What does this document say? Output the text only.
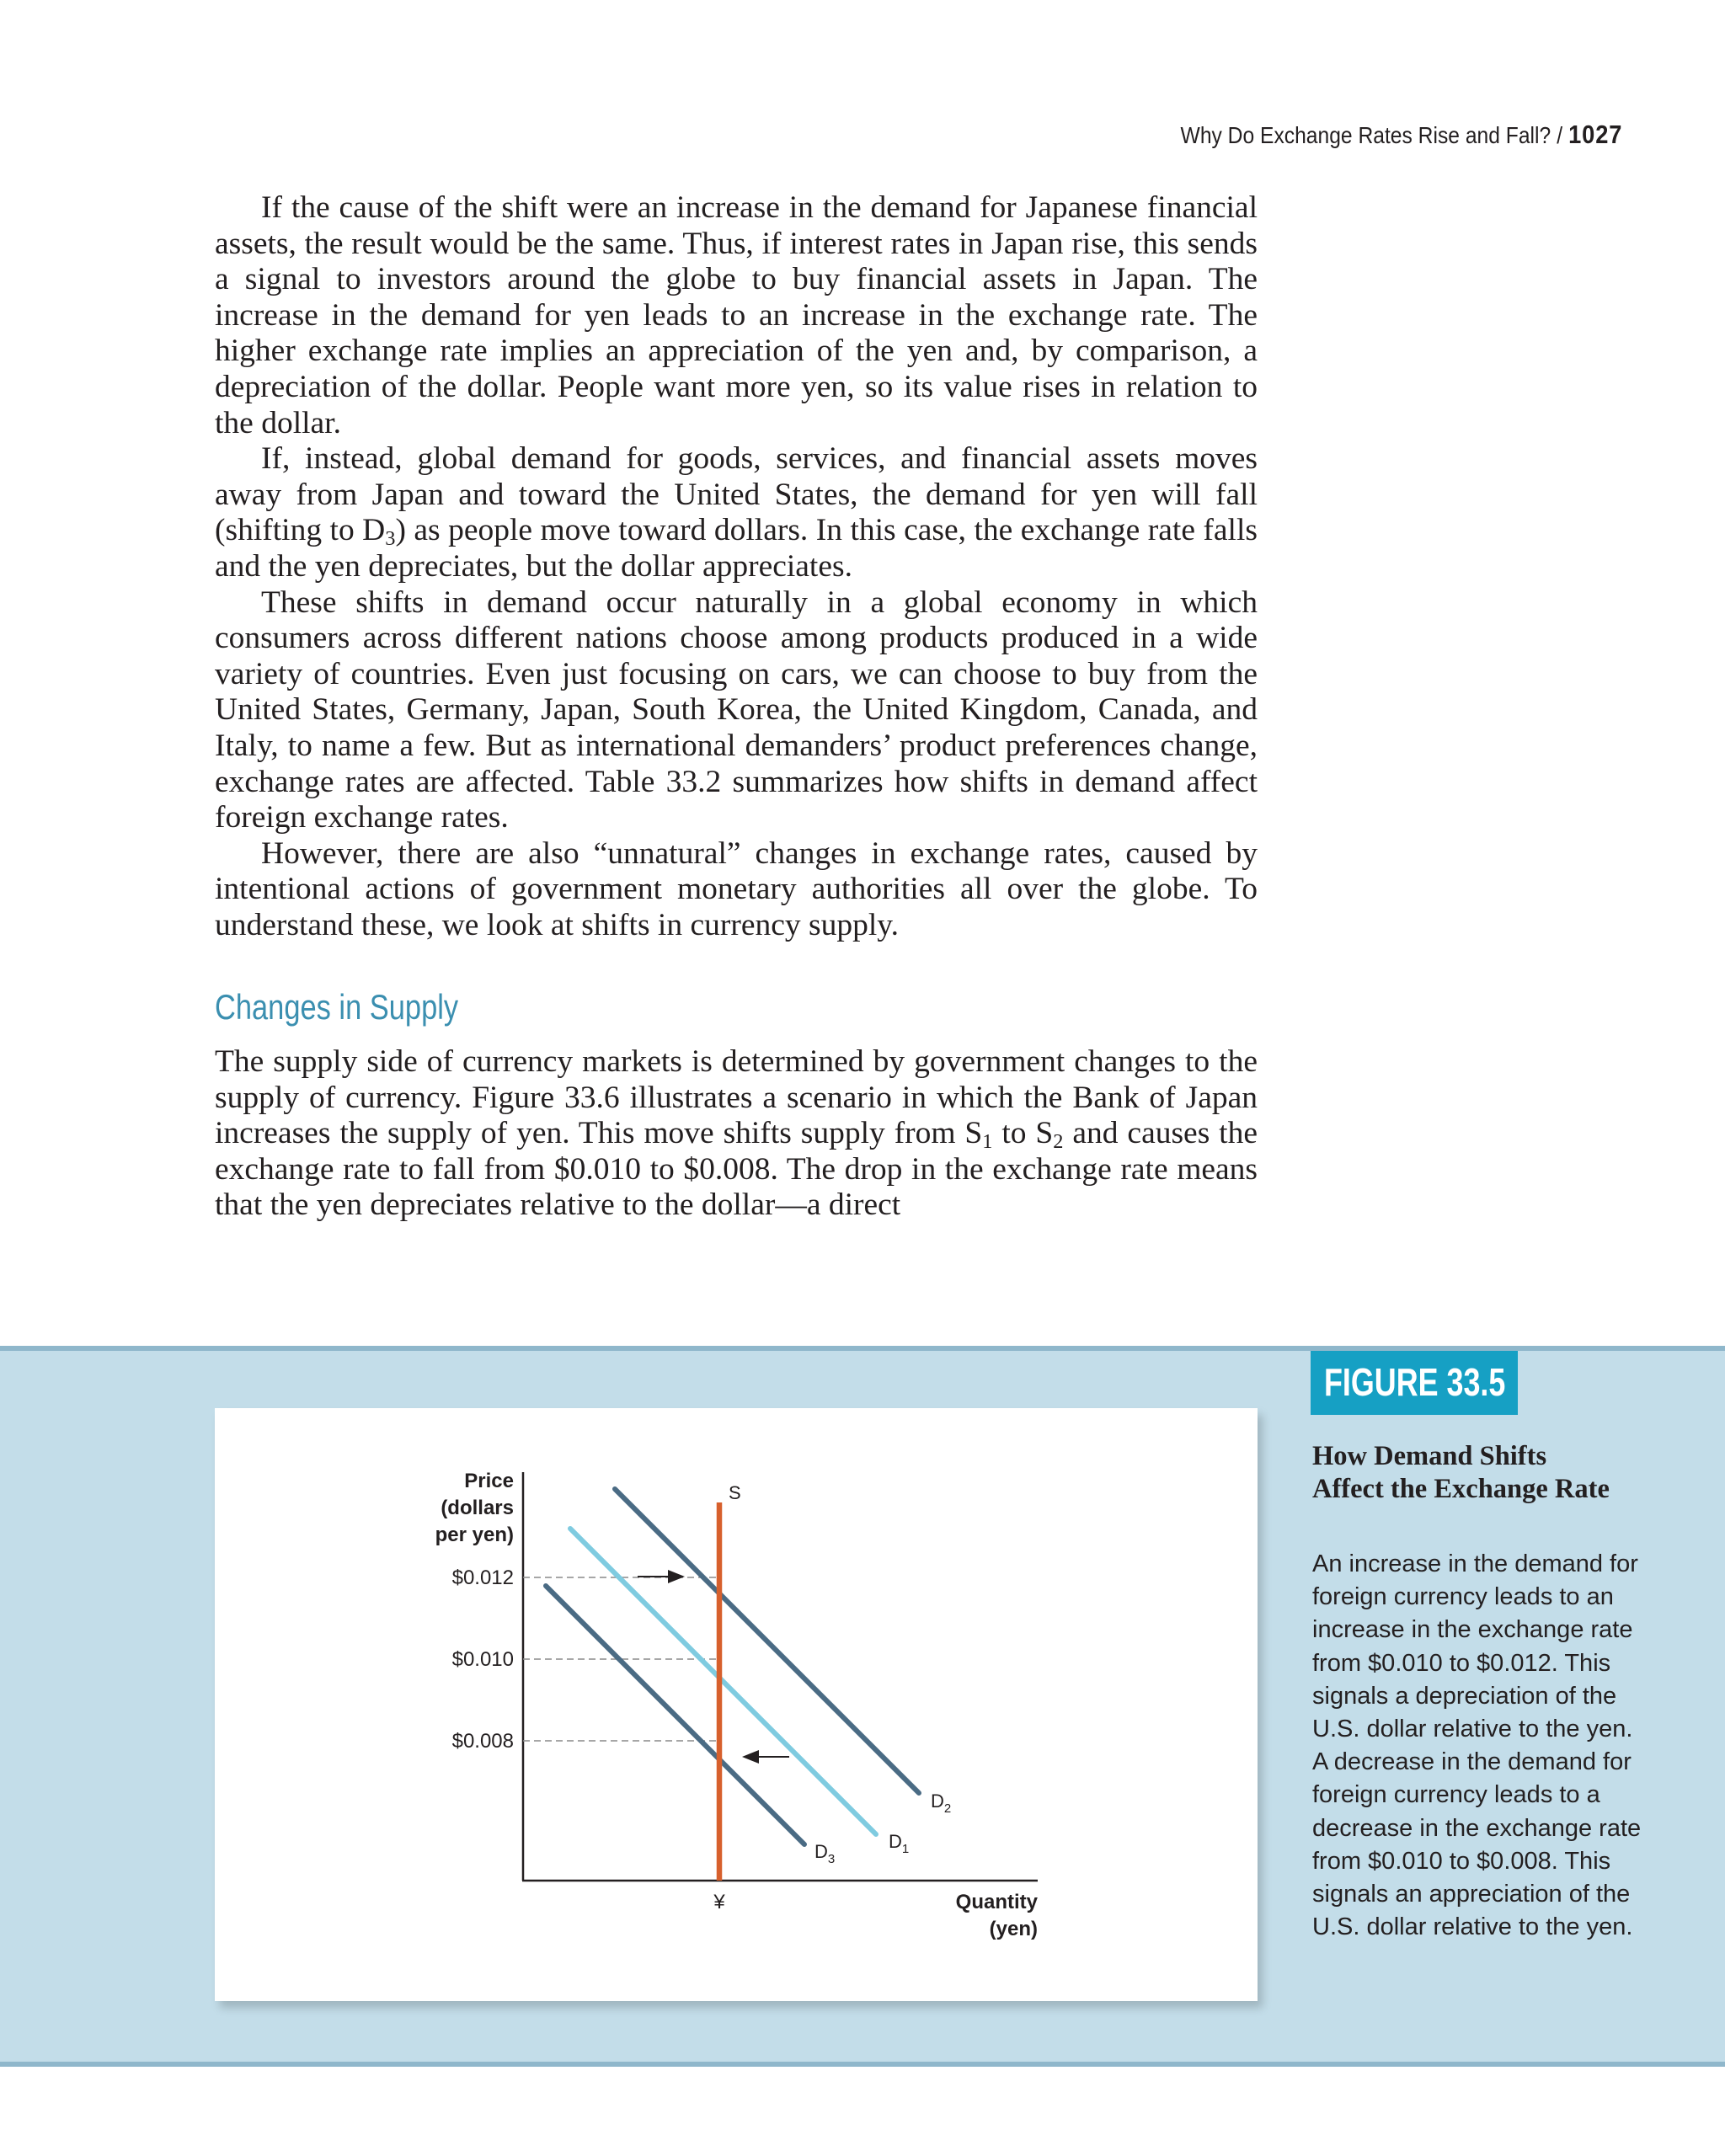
Why Do Exchange Rates Rise and Fall? / 1027

If the cause of the shift were an increase in the demand for Japanese financial assets, the result would be the same. Thus, if interest rates in Japan rise, this sends a signal to investors around the globe to buy financial assets in Japan. The increase in the demand for yen leads to an increase in the exchange rate. The higher exchange rate implies an appreciation of the yen and, by comparison, a depreciation of the dollar. People want more yen, so its value rises in relation to the dollar.

If, instead, global demand for goods, services, and financial assets moves away from Japan and toward the United States, the demand for yen will fall (shifting to $D_3$) as people move toward dollars. In this case, the exchange rate falls and the yen depreciates, but the dollar appreciates.

These shifts in demand occur naturally in a global economy in which consumers across different nations choose among products produced in a wide variety of countries. Even just focusing on cars, we can choose to buy from the United States, Germany, Japan, South Korea, the United Kingdom, Canada, and Italy, to name a few. But as international demanders’ product preferences change, exchange rates are affected. Table 33.2 summarizes how shifts in demand affect foreign exchange rates.

However, there are also “unnatural” changes in exchange rates, caused by intentional actions of government monetary authorities all over the globe. To understand these, we look at shifts in currency supply.

Changes in Supply

The supply side of currency markets is determined by government changes to the supply of currency. Figure 33.6 illustrates a scenario in which the Bank of Japan increases the supply of yen. This move shifts supply from $S_1$ to $S_2$ and causes the exchange rate to fall from $0.010 to $0.008. The drop in the exchange rate means that the yen depreciates relative to the dollar—a direct

FIGURE 33.5
Price
(dollars
per yen)
$0.012
$0.010
$0.008
S
$D_1$
$D_2$
$D_3$
¥	Quantity
(yen)
How Demand Shifts Affect the Exchange Rate

An increase in the demand for foreign currency leads to an increase in the exchange rate from $0.010 to $0.012. This signals a depreciation of the U.S. dollar relative to the yen.

A decrease in the demand for foreign currency leads to a decrease in the exchange rate from $0.010 to $0.008. This signals an appreciation of the U.S. dollar relative to the yen.
